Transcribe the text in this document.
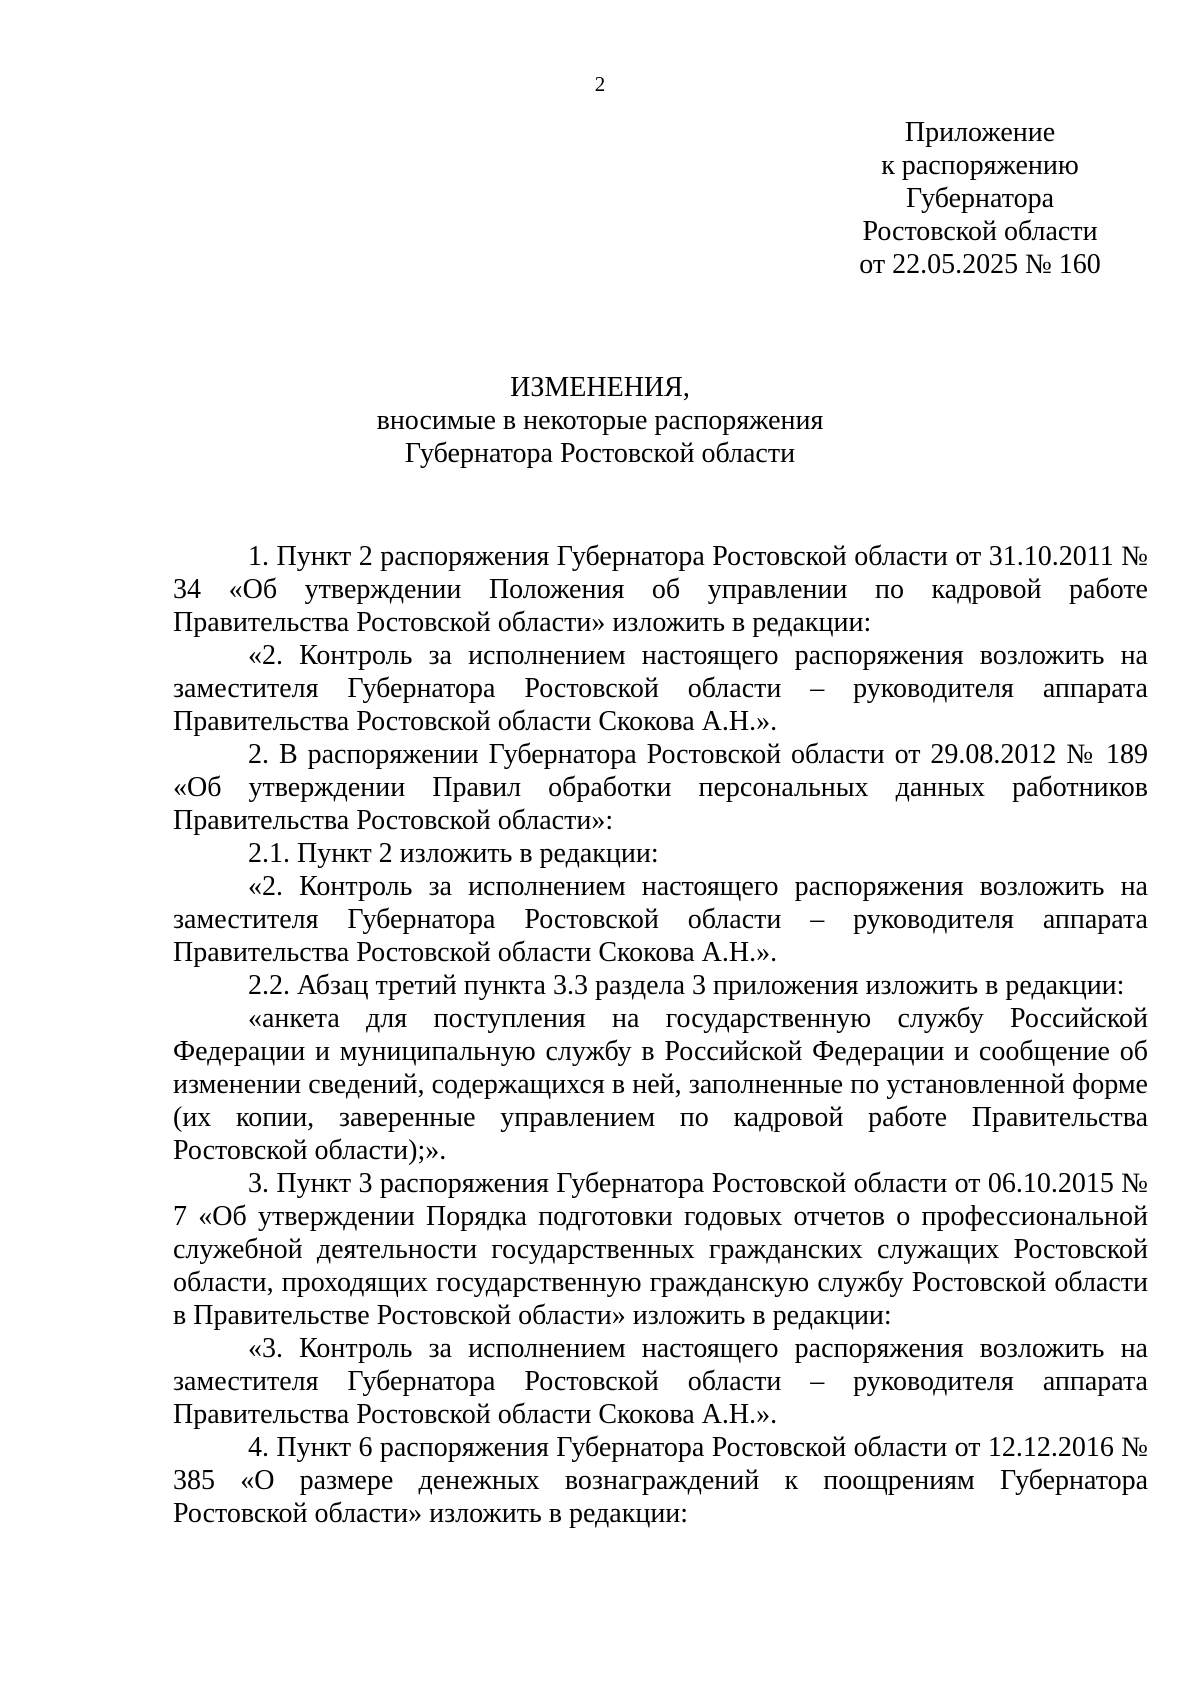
2
Приложение
к распоряжению
Губернатора
Ростовской области
от 22.05.2025 № 160
ИЗМЕНЕНИЯ,
вносимые в некоторые распоряжения
Губернатора Ростовской области

1. Пункт 2 распоряжения Губернатора Ростовской области от 31.10.2011 № 34 «Об утверждении Положения об управлении по кадровой работе Правительства Ростовской области» изложить в редакции:

«2. Контроль за исполнением настоящего распоряжения возложить на заместителя Губернатора Ростовской области – руководителя аппарата Правительства Ростовской области Скокова А.Н.».

2. В распоряжении Губернатора Ростовской области от 29.08.2012 № 189 «Об утверждении Правил обработки персональных данных работников Правительства Ростовской области»:

2.1. Пункт 2 изложить в редакции:

«2. Контроль за исполнением настоящего распоряжения возложить на заместителя Губернатора Ростовской области – руководителя аппарата Правительства Ростовской области Скокова А.Н.».

2.2. Абзац третий пункта 3.3 раздела 3 приложения изложить в редакции:

«анкета для поступления на государственную службу Российской Федерации и муниципальную службу в Российской Федерации и сообщение об изменении сведений, содержащихся в ней, заполненные по установленной форме (их копии, заверенные управлением по кадровой работе Правительства Ростовской области);».

3. Пункт 3 распоряжения Губернатора Ростовской области от 06.10.2015 № 7 «Об утверждении Порядка подготовки годовых отчетов о профессиональной служебной деятельности государственных гражданских служащих Ростовской области, проходящих государственную гражданскую службу Ростовской области в Правительстве Ростовской области» изложить в редакции:

«3. Контроль за исполнением настоящего распоряжения возложить на заместителя Губернатора Ростовской области – руководителя аппарата Правительства Ростовской области Скокова А.Н.».

4. Пункт 6 распоряжения Губернатора Ростовской области от 12.12.2016 № 385 «О размере денежных вознаграждений к поощрениям Губернатора Ростовской области» изложить в редакции:
